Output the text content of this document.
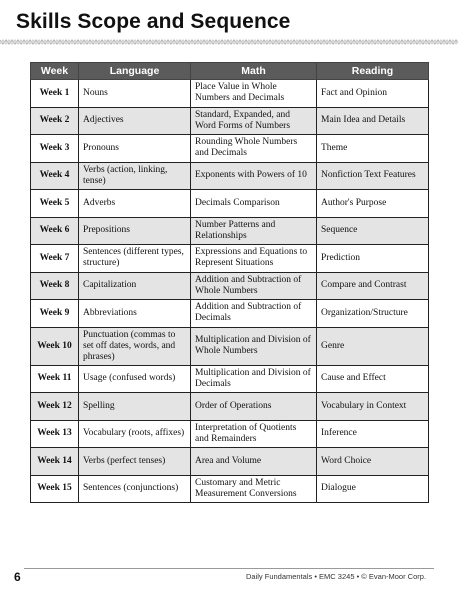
Skills Scope and Sequence
Week	Language	Math	Reading
Week 1	Nouns	Place Value in Whole Numbers and Decimals	Fact and Opinion
Week 2	Adjectives	Standard, Expanded, and Word Forms of Numbers	Main Idea and Details
Week 3	Pronouns	Rounding Whole Numbers and Decimals	Theme
Week 4	Verbs (action, linking, tense)	Exponents with Powers of 10	Nonfiction Text Features
Week 5	Adverbs	Decimals Comparison	Author's Purpose
Week 6	Prepositions	Number Patterns and Relationships	Sequence
Week 7	Sentences (different types, structure)	Expressions and Equations to Represent Situations	Prediction
Week 8	Capitalization	Addition and Subtraction of Whole Numbers	Compare and Contrast
Week 9	Abbreviations	Addition and Subtraction of Decimals	Organization/Structure
Week 10	Punctuation (commas to set off dates, words, and phrases)	Multiplication and Division of Whole Numbers	Genre
Week 11	Usage (confused words)	Multiplication and Division of Decimals	Cause and Effect
Week 12	Spelling	Order of Operations	Vocabulary in Context
Week 13	Vocabulary (roots, affixes)	Interpretation of Quotients and Remainders	Inference
Week 14	Verbs (perfect tenses)	Area and Volume	Word Choice
Week 15	Sentences (conjunctions)	Customary and Metric Measurement Conversions	Dialogue
6	Daily Fundamentals • EMC 3245 • © Evan-Moor Corp.
